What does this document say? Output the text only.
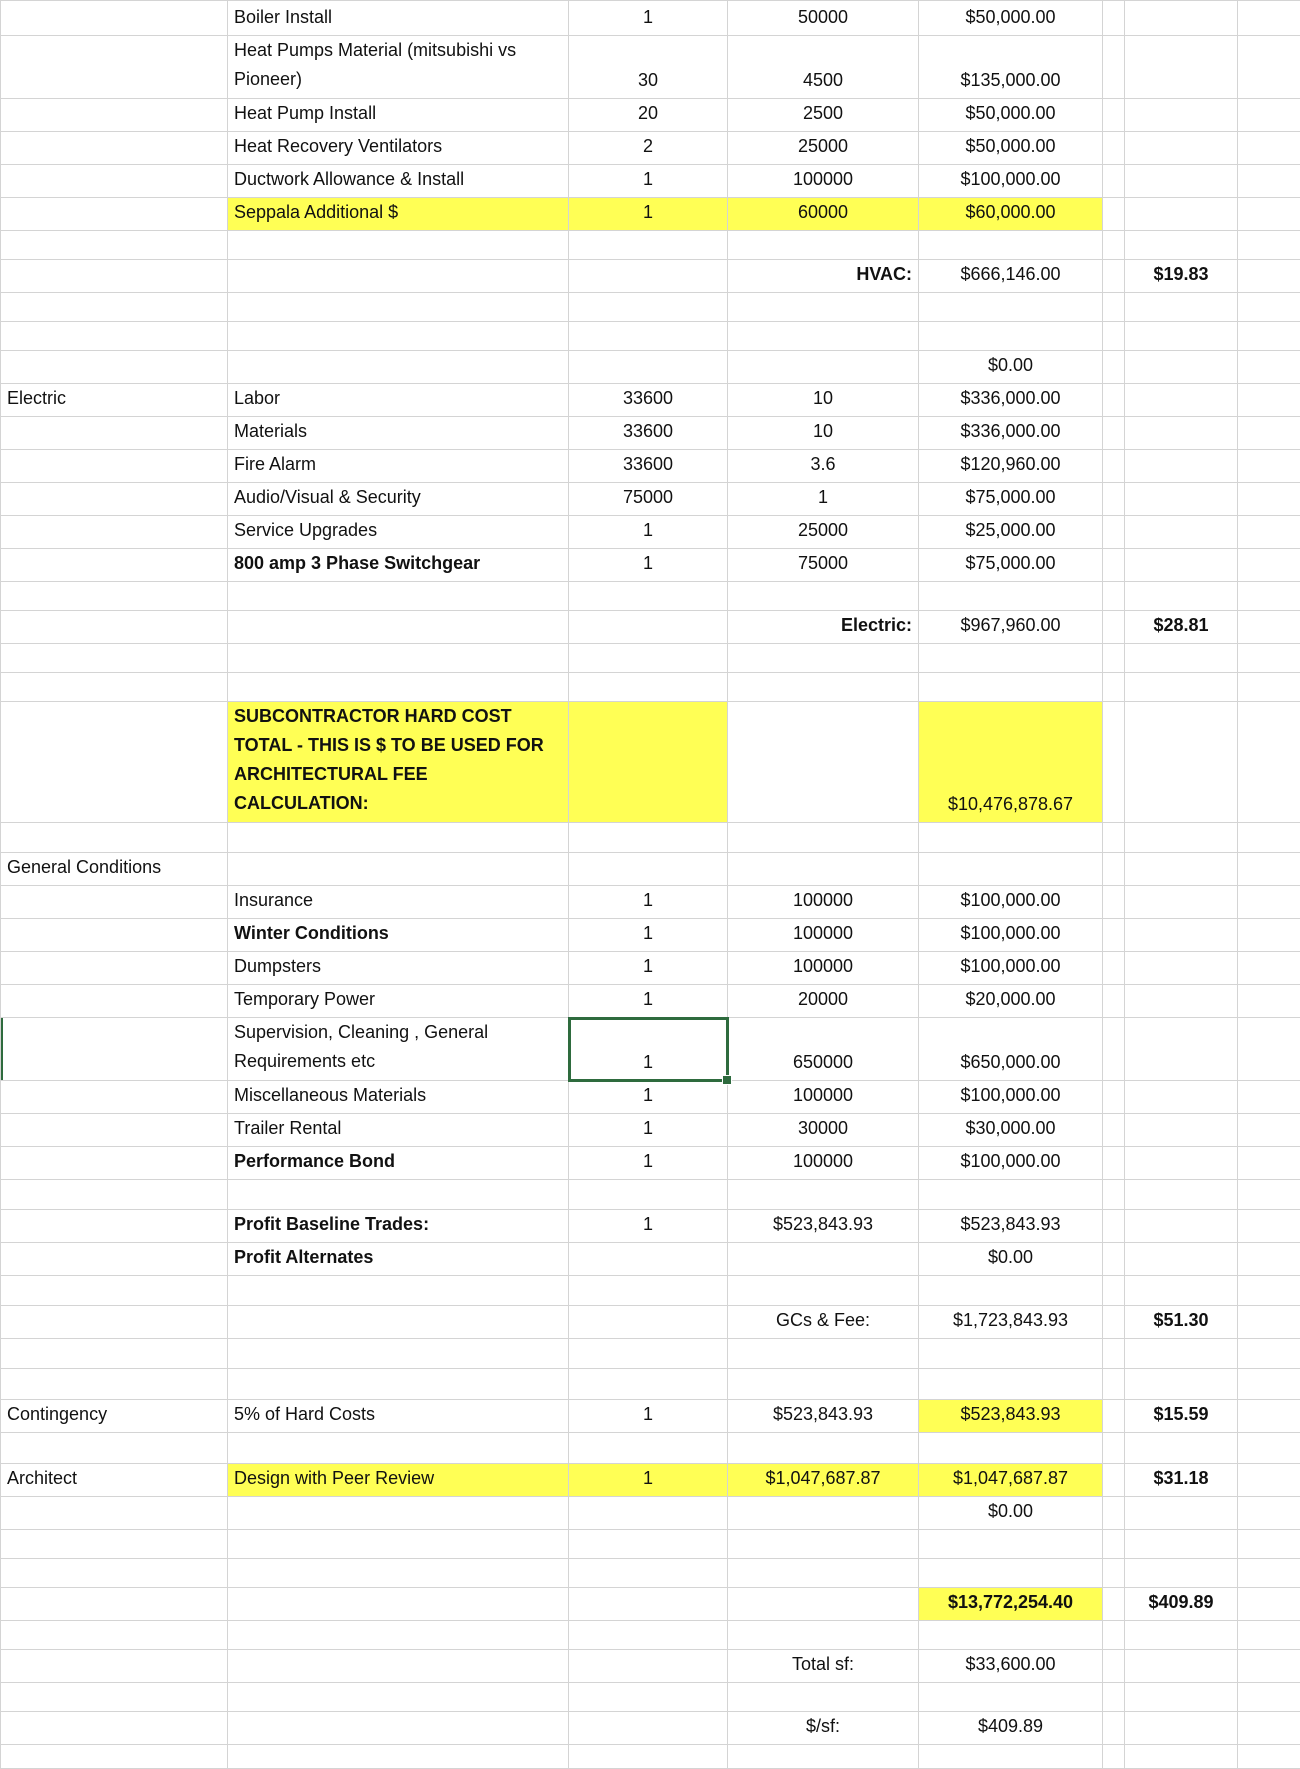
	Boiler Install	1	50000	$50,000.00			
	Heat Pumps Material (mitsubishi vs Pioneer)	30	4500	$135,000.00			
	Heat Pump Install	20	2500	$50,000.00			
	Heat Recovery Ventilators	2	25000	$50,000.00			
	Ductwork Allowance & Install	1	100000	$100,000.00			
	Seppala Additional $	1	60000	$60,000.00			

			HVAC:	$666,146.00		$19.83	

				$0.00			
Electric	Labor	33600	10	$336,000.00			
	Materials	33600	10	$336,000.00			
	Fire Alarm	33600	3.6	$120,960.00			
	Audio/Visual & Security	75000	1	$75,000.00			
	Service Upgrades	1	25000	$25,000.00			
	800 amp 3 Phase Switchgear	1	75000	$75,000.00			

			Electric:	$967,960.00		$28.81	

	SUBCONTRACTOR HARD COST TOTAL - THIS IS $ TO BE USED FOR ARCHITECTURAL FEE CALCULATION:			$10,476,878.67			

General Conditions							
	Insurance	1	100000	$100,000.00			
	Winter Conditions	1	100000	$100,000.00			
	Dumpsters	1	100000	$100,000.00			
	Temporary Power	1	20000	$20,000.00			
	Supervision, Cleaning , General Requirements etc	1	650000	$650,000.00			
	Miscellaneous Materials	1	100000	$100,000.00			
	Trailer Rental	1	30000	$30,000.00			
	Performance Bond	1	100000	$100,000.00			

	Profit Baseline Trades:	1	$523,843.93	$523,843.93			
	Profit Alternates			$0.00			

			GCs & Fee:	$1,723,843.93		$51.30	

Contingency	5% of Hard Costs	1	$523,843.93	$523,843.93		$15.59	

Architect	Design with Peer Review	1	$1,047,687.87	$1,047,687.87		$31.18	
				$0.00			

				$13,772,254.40		$409.89	

			Total sf:	$33,600.00			

			$/sf:	$409.89			
